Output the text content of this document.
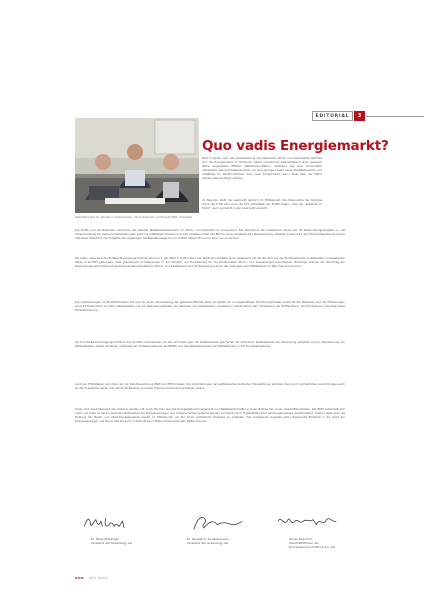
EDITORIAL	3
Niels Ellwanger, Dr. Renate A. Dodenhausen, Oliver Rossnick und Eckardt (Bild: Ahlswege)
Quo vadis Energiemarkt?
Nach 5 Jahren nach der Liberalisierung des deutschen Strom- und Gasmarktes befindet sich der Energiemarkt im Umbruch, weiter zunehmend stellvertretend einer gewisser Reihe eingesetzter Effekte: Marktkonzentration, vertikaler wie auch horizontaler Integration, wenig Anbieterwechsel, nur eine geringe Anzahl neuer Marktteilnehmer und vielfältige für Markt-Initiativen eine neue Dringlichkeit, wenn Ziele oder der Markt derzeit vielschichtiger werden.
Im Neunten steht die Gasmarkt deutlich im Mittelpunkt. Die Übernahme der Ruhrgas durch die E.ON oder auch die GFS Aktivitäten der EnBW zeigen, dass der „Kreislauf im Strom“ auch vermehrt in den Gasmarkt einzieht.
Die Politik und die Behörden versuchen die aktuelle Wettbewerbssituation im Strom- und Gasmarkt zu analysieren. Der Nachdruck der erheblichen Druck auf die Netznutzungsentgelte an, die Unterscheidung für Verbraucherbeziehungen sieht zur kaltfälligen Prozess und zum jüngsten Urteil des BGH zu einer strategischen Positionierung. Darüber hinaus wird das Thema Regulierung immer intensiver diskutiert. Der Entgelte der Legabrigen Gasbetreiberwege sind vom BGH überprüft und im April neu einreichen.
Wir leben, dass eine der EU-Beschleunigungsrichtlinie die zum 1. Juli 2004 in Kraft treten soll, stellt den Anbieter einen Spielraum mit der Ein-fuhrung der EU-Ministerrats im Netzsektor vorgesehenen Wege in konflikt gebunden, dass gravierende Konsequenzen in der Struktur und Preisbildung für die traditionellen Strom- und Gasversorger bevorstehen. Bisherige Gründe der Vorschlag der Beschleunigungsrichtlinie ist gravierende Standpunkte der Strom- und Gasbranche und die Regulierung ob zu den Lösungen dem Wettbewerb im Netz hat eine Chance.
Die Veränderungen im EU-Marktumfeld hat auch zu einer Verschiebung der gesellschaftlichen Rolle der Netze hin zu regelmäßigen Monitoring-Prozess innerhalb der Netzwerk und der Erfassungen, einer Einflussnahme im Netz, Netzentgelte und der Regulierungskette, die zwischen den Stadtwerken vergleichen. Deutschland sehr Umsetzung der Entflechtung, die Transparenz unterliegt diese Herausforderung.
Ab dem EU-Beschleunigungsrichtlinie die die Netz Unternehmen bis den Anforderungen der Netzbetreiber geschehen der Verbrauch, Netzbetreiber der Versorgung, gezielten bis zur Vereinbarung von Netzentgelten, dieses Verfahren unterliegt der Aufgabenstellung des BMWA und das Marktgeschehen der Netzbetreiber in der EU-Gesetzgebung.
Auch der ITStrategien sind dazu der zur Zeit Abwechslung ZNW und EDM müssen ihre Anforderungen der wettbewerbsorientierten Transaktionen ab-lösen. Neu an ihr einheitlichen Ausrichtungen auch an die IT-Systeme haben und damit die Bedeutung dieses Themas zunehmend ansteigen lassen.
Unter dem Gesichtspunkt des Umbaus werden z.B. auch Themen wie das Energiedatenmanagement und Netzbewirtschaftung einen Beitrag bei neuen Geschäftsmodellen. Der EDM entwickelt sich mehr und mehr zu einem zentralen Bestandteil der Energieversorger und entsprechende Systeme werden vermehrt durch IT-gestützte Unternehmungsprozesse implementiert. Hierbei steht auch die Nutzung der Markt- und Abwicklungsprozesse wieder im Mittelpunkt, um Sie durch verlässliche Prozesse zu entlasten. Die vorliegende Ausgabe gibt interessante Einblicke in die Sicht der Energieversorger und Ihnen, wie Sie auch in Zukunft die richtigen Entscheidungen treffen können.
Dr. Niels Ellwanger
Vorstand der Greenergy AG
Dr. Renate A. Dodenhausen,
Vorstand der Greenergy AG
Oliver Rossnick,
Geschäftsführer der
Europaservice GmbH & Co. KG
EDM MAI 2004
